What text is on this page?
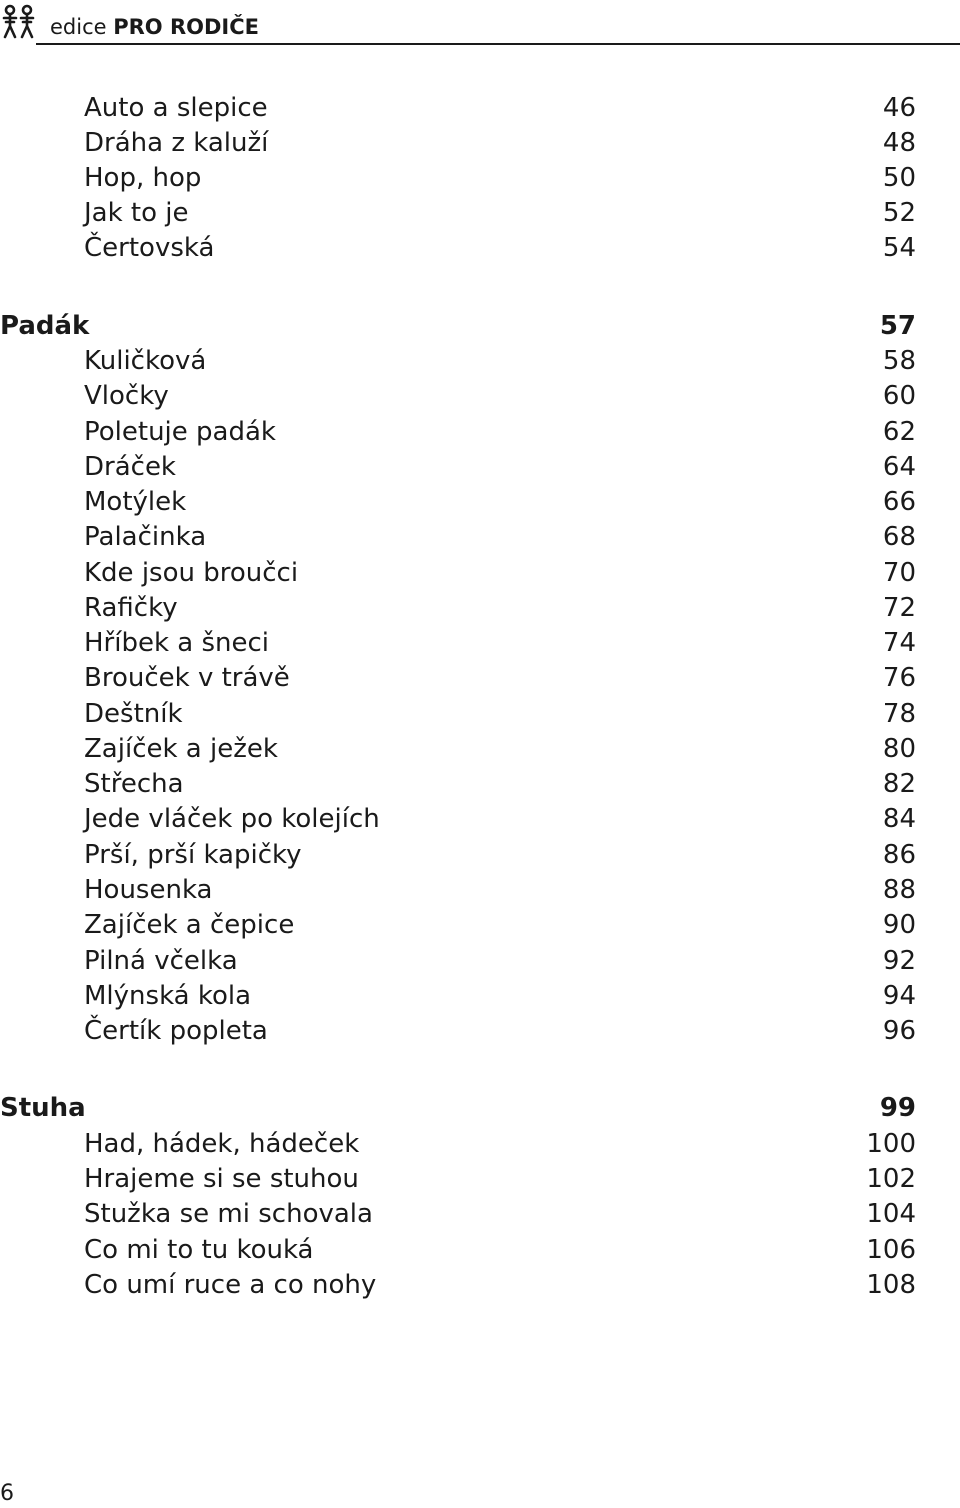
edice PRO RODIČE
Auto a slepice	46
Dráha z kaluží	48
Hop, hop	50
Jak to je	52
Čertovská	54
Padák	57
Kuličková	58
Vločky	60
Poletuje padák	62
Dráček	64
Motýlek	66
Palačinka	68
Kde jsou broučci	70
Rafičky	72
Hříbek a šneci	74
Brouček v trávě	76
Deštník	78
Zajíček a ježek	80
Střecha	82
Jede vláček po kolejích	84
Prší, prší kapičky	86
Housenka	88
Zajíček a čepice	90
Pilná včelka	92
Mlýnská kola	94
Čertík popleta	96
Stuha	99
Had, hádek, hádeček	100
Hrajeme si se stuhou	102
Stužka se mi schovala	104
Co mi to tu kouká	106
Co umí ruce a co nohy	108
6
